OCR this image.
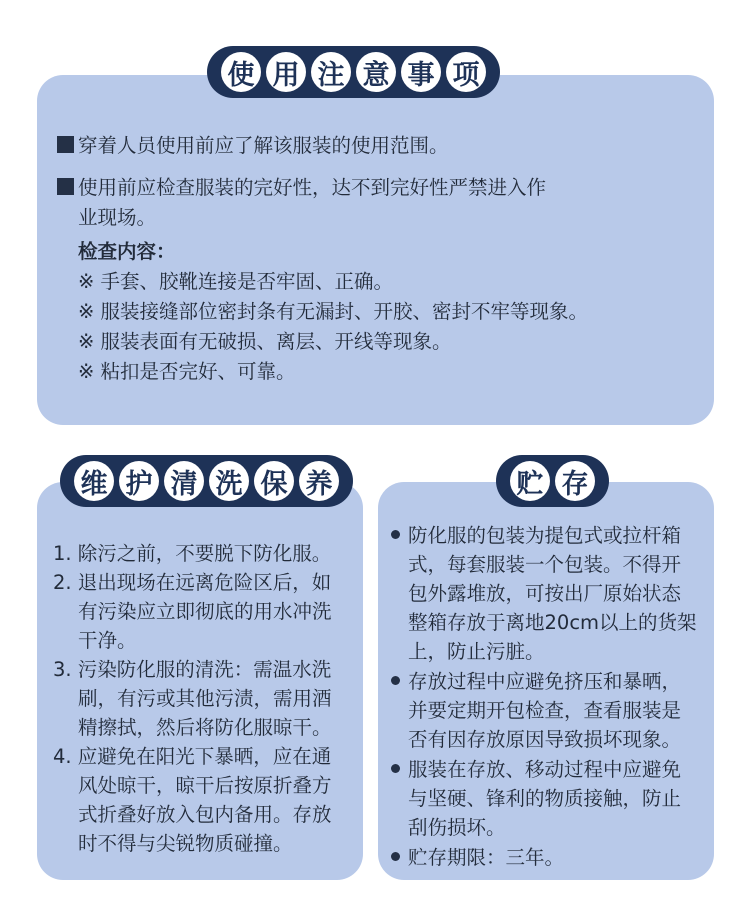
使 用 注 意 事 项
穿着人员使用前应了解该服装的使用范围。
使用前应检查服装的完好性，达不到完好性严禁进入作
业现场。
检查内容：
※ 手套、胶靴连接是否牢固、正确。
※ 服装接缝部位密封条有无漏封、开胶、密封不牢等现象。
※ 服装表面有无破损、离层、开线等现象。
※ 粘扣是否完好、可靠。
维 护 清 洗 保 养
1. 除污之前，不要脱下防化服。
2. 退出现场在远离危险区后，如
有污染应立即彻底的用水冲洗
干净。
3. 污染防化服的清洗：需温水洗
刷，有污或其他污渍，需用酒
精擦拭，然后将防化服晾干。
4. 应避免在阳光下暴晒，应在通
风处晾干，晾干后按原折叠方
式折叠好放入包内备用。存放
时不得与尖锐物质碰撞。
贮 存
防化服的包装为提包式或拉杆箱
式，每套服装一个包装。不得开
包外露堆放，可按出厂原始状态
整箱存放于离地20cm以上的货架
上，防止污脏。
存放过程中应避免挤压和暴晒，
并要定期开包检查，查看服装是
否有因存放原因导致损坏现象。
服装在存放、移动过程中应避免
与坚硬、锋利的物质接触，防止
刮伤损坏。
贮存期限：三年。
